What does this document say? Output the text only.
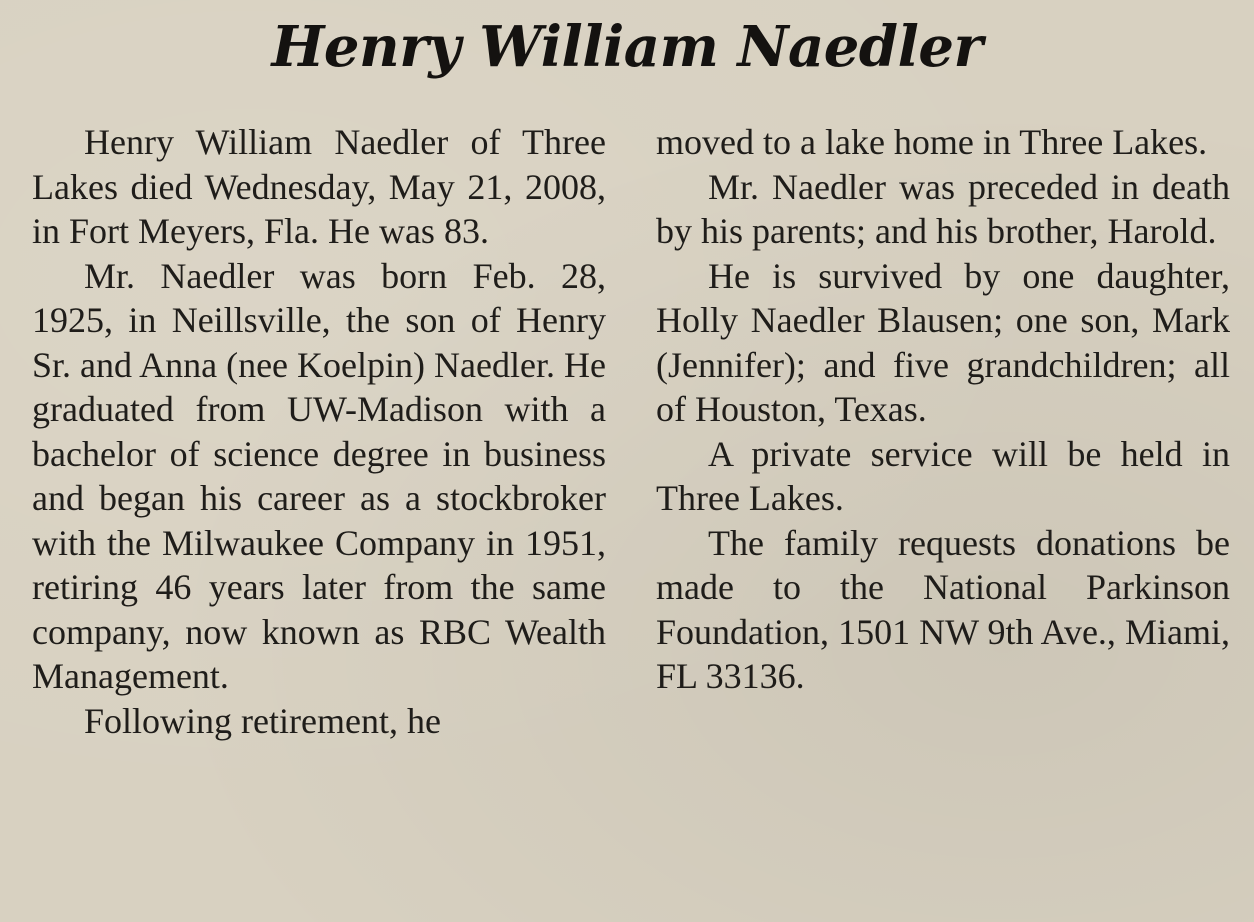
Henry William Naedler

Henry William Naedler of Three Lakes died Wednesday, May 21, 2008, in Fort Meyers, Fla. He was 83.

Mr. Naedler was born Feb. 28, 1925, in Neillsville, the son of Henry Sr. and Anna (nee Koelpin) Naedler. He graduated from UW-Madison with a bachelor of science degree in business and began his career as a stockbroker with the Milwaukee Company in 1951, retiring 46 years later from the same company, now known as RBC Wealth Management.

Following retirement, he

moved to a lake home in Three Lakes.

Mr. Naedler was preceded in death by his parents; and his brother, Harold.

He is survived by one daughter, Holly Naedler Blausen; one son, Mark (Jennifer); and five grandchildren; all of Houston, Texas.

A private service will be held in Three Lakes.

The family requests donations be made to the National Parkinson Foundation, 1501 NW 9th Ave., Miami, FL 33136.
